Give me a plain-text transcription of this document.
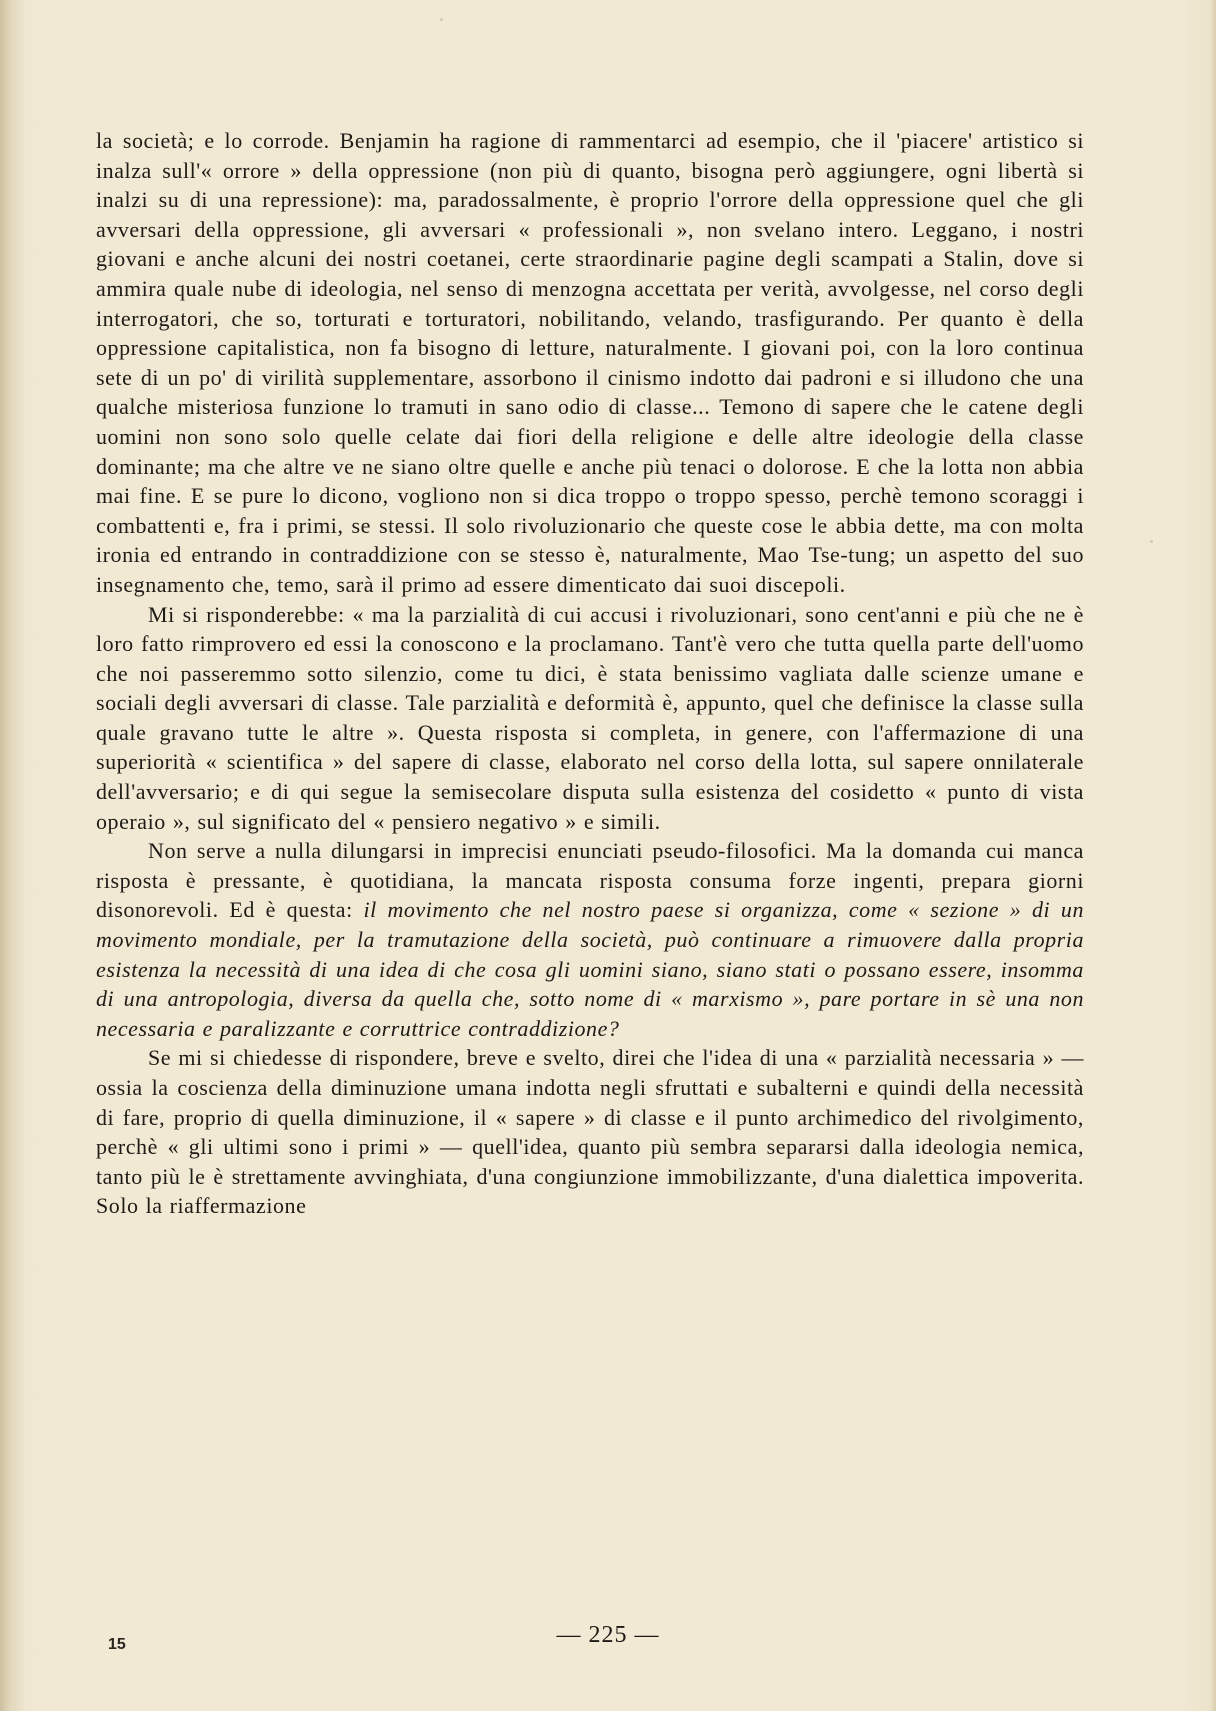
la società; e lo corrode. Benjamin ha ragione di rammentarci ad esempio, che il 'piacere' artistico si inalza sull'« orrore » della oppressione (non più di quanto, bisogna però aggiungere, ogni libertà si inalzi su di una repressione): ma, paradossalmente, è proprio l'orrore della oppressione quel che gli avversari della oppressione, gli avversari « professionali », non svelano intero. Leggano, i nostri giovani e anche alcuni dei nostri coetanei, certe straordinarie pagine degli scampati a Stalin, dove si ammira quale nube di ideologia, nel senso di menzogna accettata per verità, avvolgesse, nel corso degli interrogatori, che so, torturati e torturatori, nobilitando, velando, trasfigurando. Per quanto è della oppressione capitalistica, non fa bisogno di letture, naturalmente. I giovani poi, con la loro continua sete di un po' di virilità supplementare, assorbono il cinismo indotto dai padroni e si illudono che una qualche misteriosa funzione lo tramuti in sano odio di classe... Temono di sapere che le catene degli uomini non sono solo quelle celate dai fiori della religione e delle altre ideologie della classe dominante; ma che altre ve ne siano oltre quelle e anche più tenaci o dolorose. E che la lotta non abbia mai fine. E se pure lo dicono, vogliono non si dica troppo o troppo spesso, perchè temono scoraggi i combattenti e, fra i primi, se stessi. Il solo rivoluzionario che queste cose le abbia dette, ma con molta ironia ed entrando in contraddizione con se stesso è, naturalmente, Mao Tse-tung; un aspetto del suo insegnamento che, temo, sarà il primo ad essere dimenticato dai suoi discepoli.

Mi si risponderebbe: « ma la parzialità di cui accusi i rivoluzionari, sono cent'anni e più che ne è loro fatto rimprovero ed essi la conoscono e la proclamano. Tant'è vero che tutta quella parte dell'uomo che noi passeremmo sotto silenzio, come tu dici, è stata benissimo vagliata dalle scienze umane e sociali degli avversari di classe. Tale parzialità e deformità è, appunto, quel che definisce la classe sulla quale gravano tutte le altre ». Questa risposta si completa, in genere, con l'affermazione di una superiorità « scientifica » del sapere di classe, elaborato nel corso della lotta, sul sapere onnilaterale dell'avversario; e di qui segue la semisecolare disputa sulla esistenza del cosidetto « punto di vista operaio », sul significato del « pensiero negativo » e simili.

Non serve a nulla dilungarsi in imprecisi enunciati pseudo-filosofici. Ma la domanda cui manca risposta è pressante, è quotidiana, la mancata risposta consuma forze ingenti, prepara giorni disonorevoli. Ed è questa: il movimento che nel nostro paese si organizza, come « sezione » di un movimento mondiale, per la tramutazione della società, può continuare a rimuovere dalla propria esistenza la necessità di una idea di che cosa gli uomini siano, siano stati o possano essere, insomma di una antropologia, diversa da quella che, sotto nome di « marxismo », pare portare in sè una non necessaria e paralizzante e corruttrice contraddizione?

Se mi si chiedesse di rispondere, breve e svelto, direi che l'idea di una « parzialità necessaria » — ossia la coscienza della diminuzione umana indotta negli sfruttati e subalterni e quindi della necessità di fare, proprio di quella diminuzione, il « sapere » di classe e il punto archimedico del rivolgimento, perchè « gli ultimi sono i primi » — quell'idea, quanto più sembra separarsi dalla ideologia nemica, tanto più le è strettamente avvinghiata, d'una congiunzione immobilizzante, d'una dialettica impoverita. Solo la riaffermazione

15	— 225 —
